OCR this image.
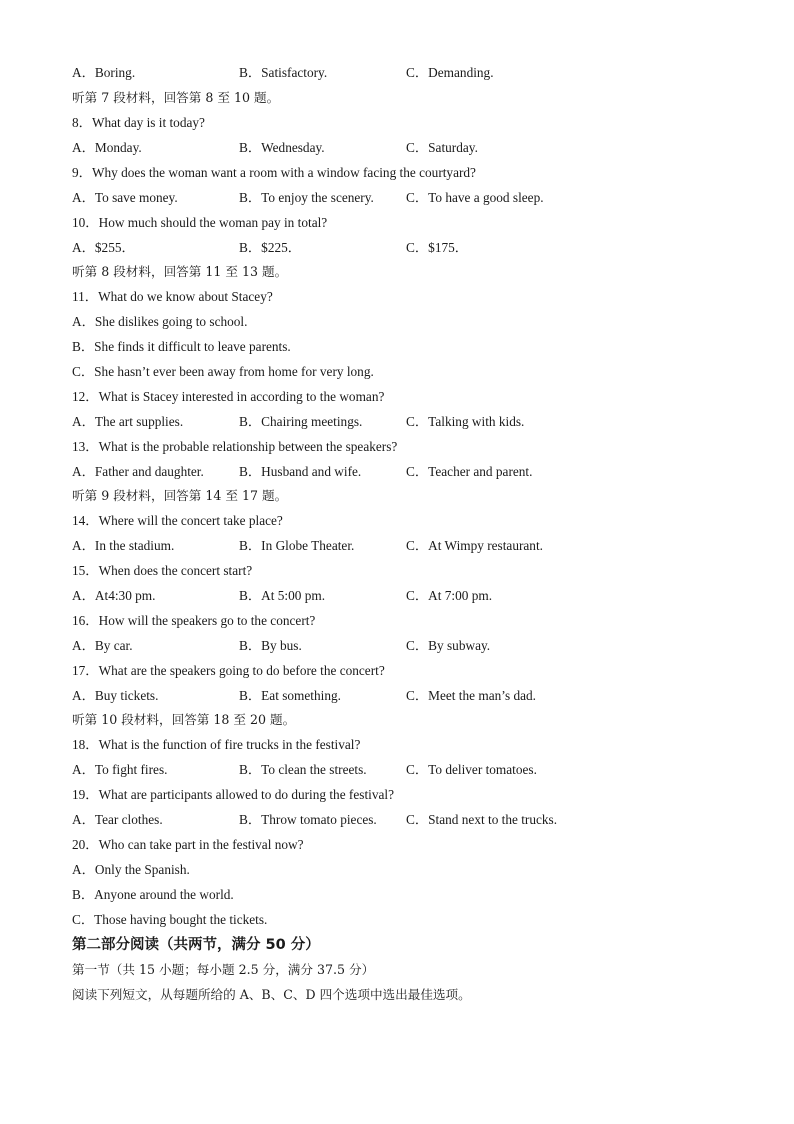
A．Boring.	B．Satisfactory.	C．Demanding.
听第 7 段材料，回答第 8 至 10 题。
8．What day is it today?
A．Monday.	B．Wednesday.	C．Saturday.
9．Why does the woman want a room with a window facing the courtyard?
A．To save money.	B．To enjoy the scenery. C．To have a good sleep.
10．How much should the woman pay in total?
A．$255．	B．$225．	C．$175．
听第 8 段材料，回答第 11 至 13 题。
11．What do we know about Stacey?
A．She dislikes going to school.
B．She finds it difficult to leave parents.
C．She hasn’t ever been away from home for very long.
12．What is Stacey interested in according to the woman?
A．The art supplies.	B．Chairing meetings.	C．Talking with kids.
13．What is the probable relationship between the speakers?
A．Father and daughter.	B．Husband and wife.	C．Teacher and parent.
听第 9 段材料，回答第 14 至 17 题。
14．Where will the concert take place?
A．In the stadium.	B．In Globe Theater.	C．At Wimpy restaurant.
15．When does the concert start?
A．At4:30 pm.	B．At 5:00 pm.	C．At 7:00 pm.
16．How will the speakers go to the concert?
A．By car.	B．By bus.	C．By subway.
17．What are the speakers going to do before the concert?
A．Buy tickets.	B．Eat something.	C．Meet the man’s dad.
听第 10 段材料，回答第 18 至 20 题。
18．What is the function of fire trucks in the festival?
A．To fight fires.	B．To clean the streets.	C．To deliver tomatoes.
19．What are participants allowed to do during the festival?
A．Tear clothes.	B．Throw tomato pieces. C．Stand next to the trucks.
20．Who can take part in the festival now?
A．Only the Spanish.
B．Anyone around the world.
C．Those having bought the tickets.
第二部分阅读（共两节，满分 50 分）
第一节（共 15 小题；每小题 2.5 分，满分 37.5 分）
阅读下列短文，从每题所给的 A、B、C、D 四个选项中选出最佳选项。
